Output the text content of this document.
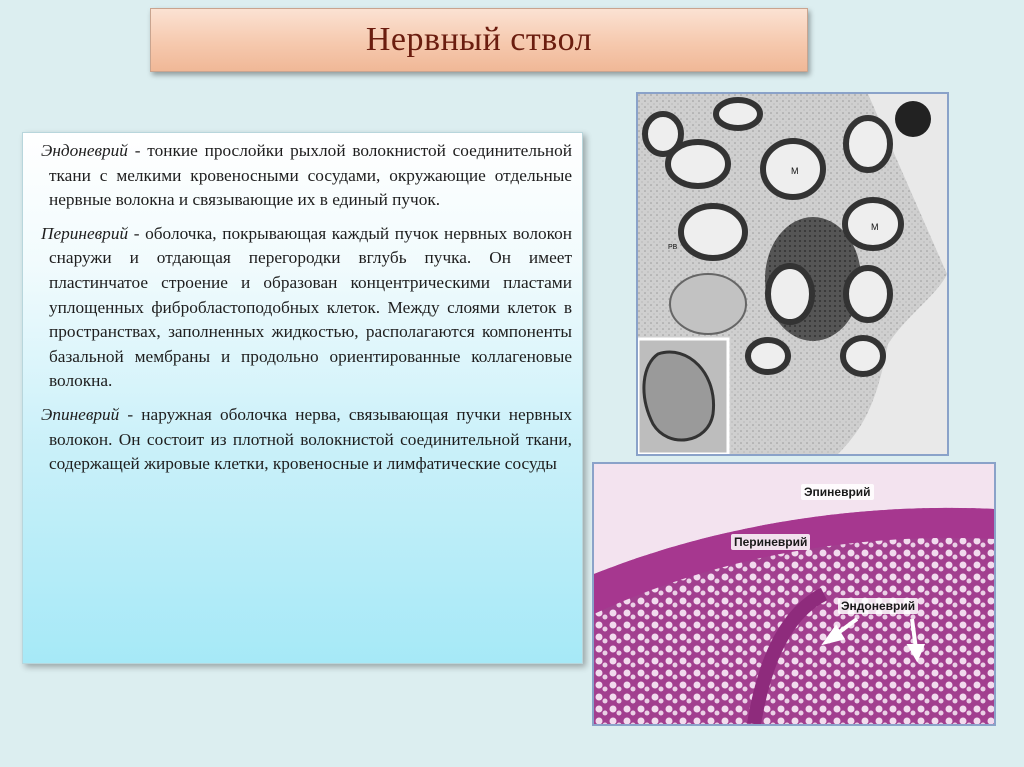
Нервный ствол

Эндоневрий - тонкие прослойки рыхлой волокнистой соединительной ткани с мелкими кровеносными сосудами, окружающие отдельные нервные волокна и связывающие их в единый пучок.

Периневрий - оболочка, покрывающая каждый пучок нервных волокон снаружи и отдающая перегородки вглубь пучка. Он имеет пластинчатое строение и образован концентрическими пластами уплощенных фибробластоподобных клеток. Между слоями клеток в пространствах, заполненных жидкостью, располагаются компоненты базальной мембраны и продольно ориентированные коллагеновые волокна.

Эпиневрий - наружная оболочка нерва, связывающая пучки нервных волокон. Он состоит из плотной волокнистой соединительной ткани, содержащей жировые клетки, кровеносные и лимфатические сосуды

M
M
PB
Эпиневрий
Периневрий
Эндоневрий
